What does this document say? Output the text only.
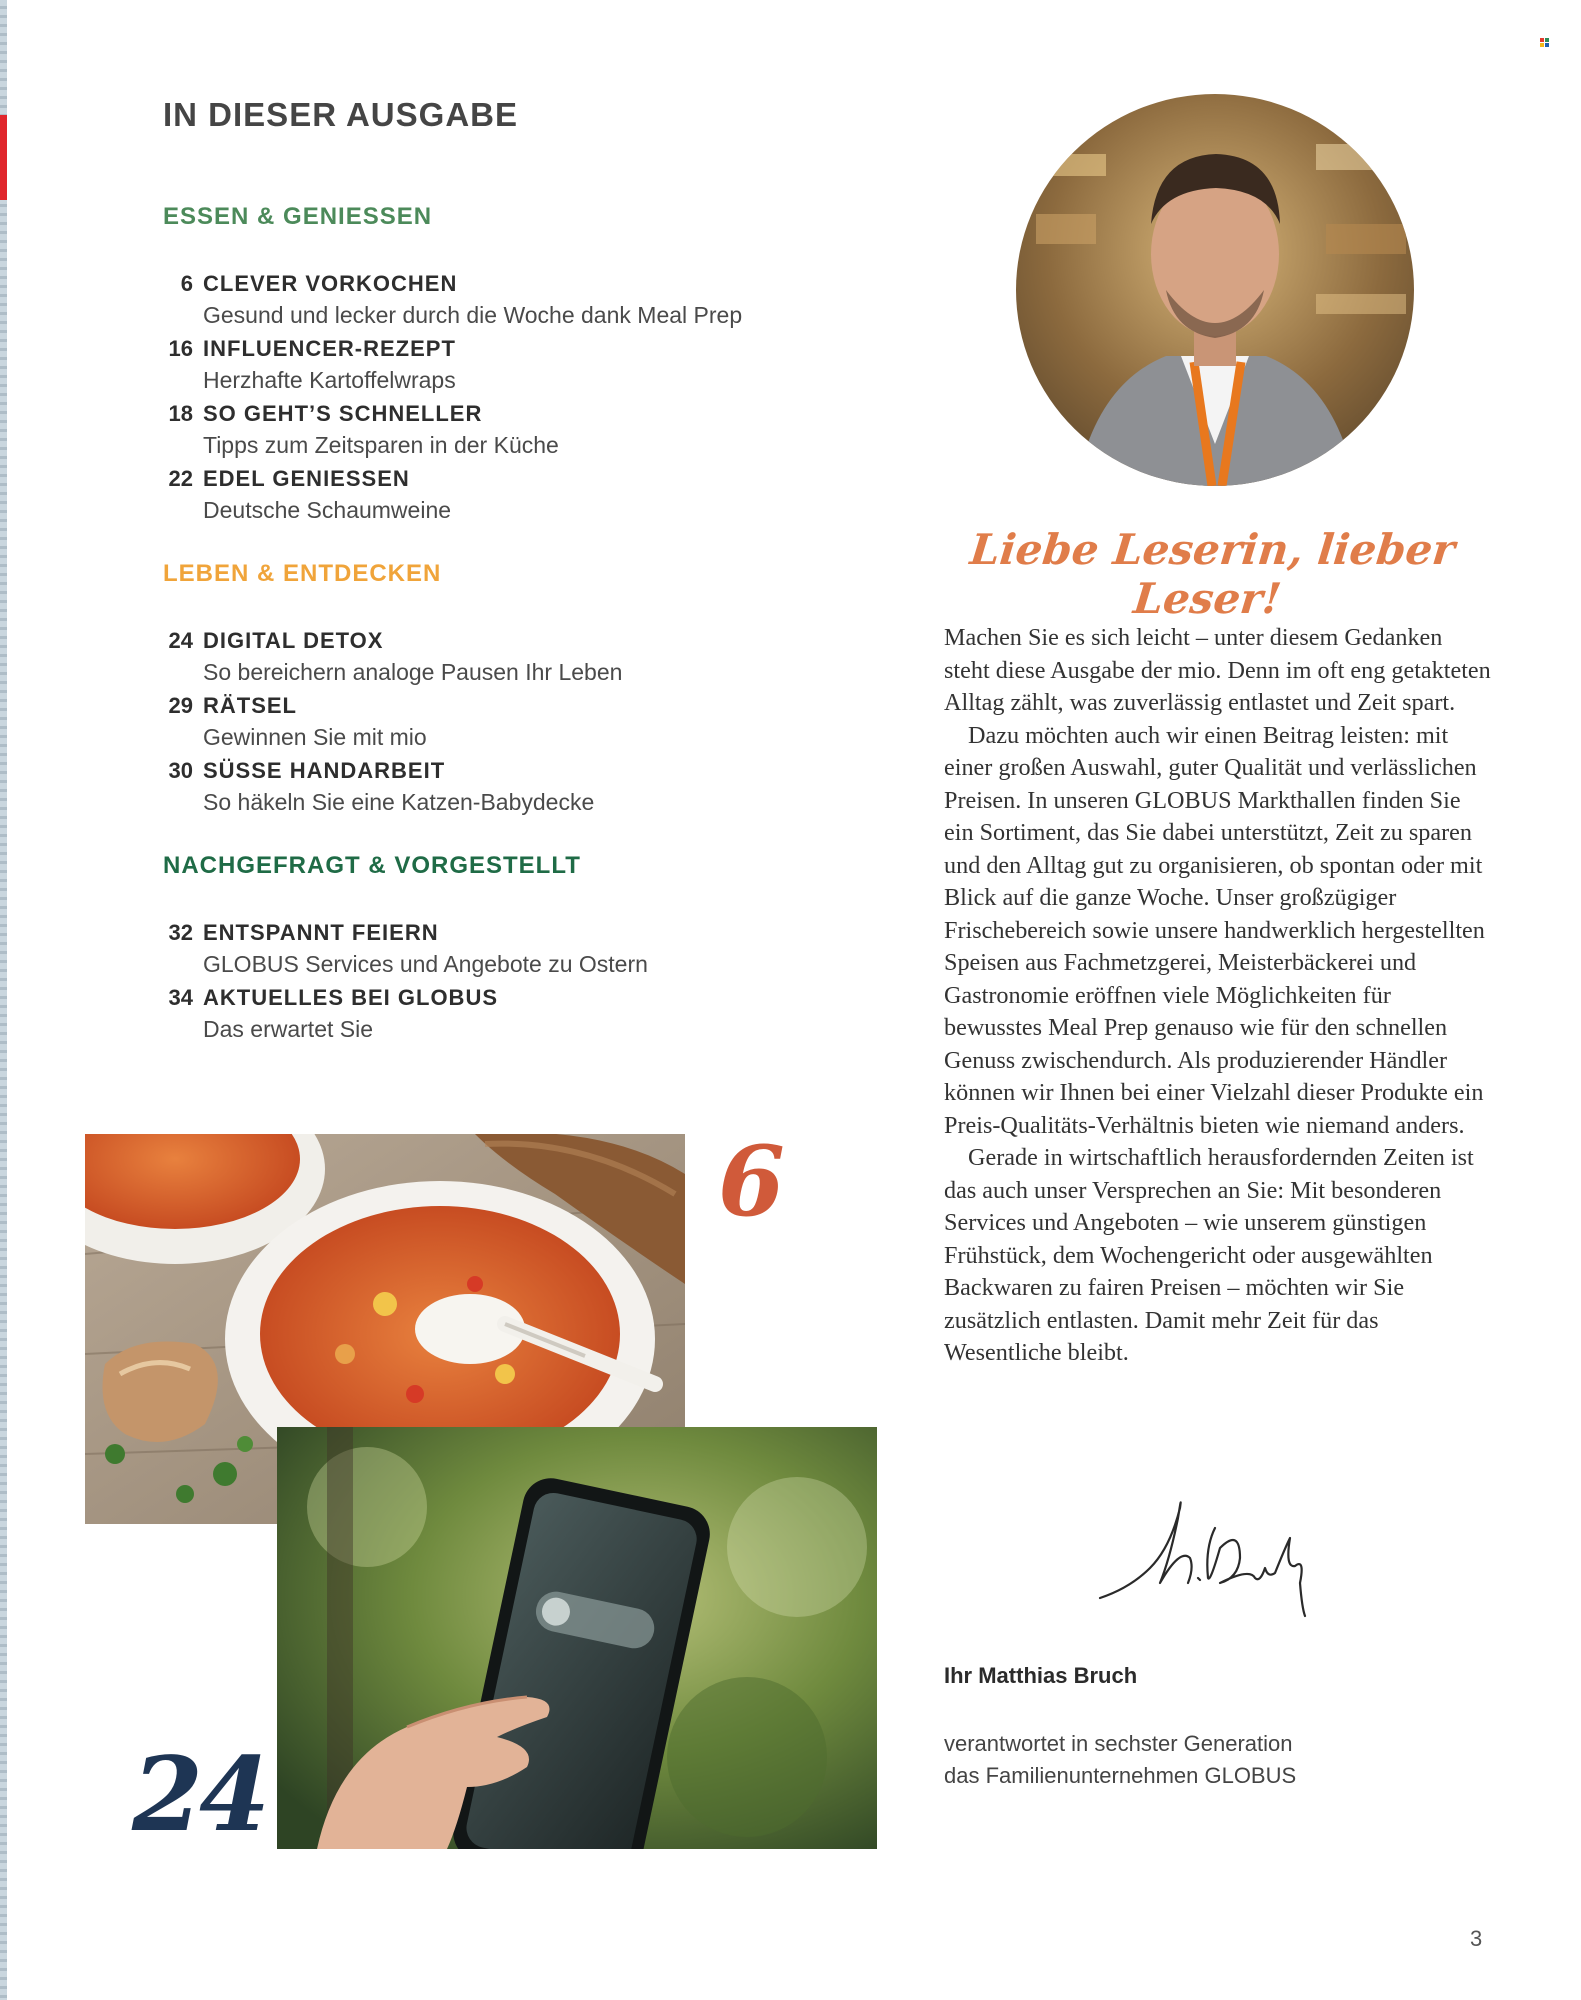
IN DIESER AUSGABE
ESSEN & GENIESSEN
6 CLEVER VORKOCHEN
Gesund und lecker durch die Woche dank Meal Prep
16 INFLUENCER-REZEPT
Herzhafte Kartoffelwraps
18 SO GEHT’S SCHNELLER
Tipps zum Zeitsparen in der Küche
22 EDEL GENIESSEN
Deutsche Schaumweine
LEBEN & ENTDECKEN
24 DIGITAL DETOX
So bereichern analoge Pausen Ihr Leben
29 RÄTSEL
Gewinnen Sie mit mio
30 SÜSSE HANDARBEIT
So häkeln Sie eine Katzen-Babydecke
NACHGEFRAGT & VORGESTELLT
32 ENTSPANNT FEIERN
GLOBUS Services und Angebote zu Ostern
34 AKTUELLES BEI GLOBUS
Das erwartet Sie
Liebe Leserin, lieber Leser!

Machen Sie es sich leicht – unter diesem Gedanken steht diese Ausgabe der mio. Denn im oft eng getakteten Alltag zählt, was zuverlässig entlastet und Zeit spart.

Dazu möchten auch wir einen Beitrag leisten: mit einer großen Auswahl, guter Qualität und verlässlichen Preisen. In unseren GLOBUS Markthallen finden Sie ein Sortiment, das Sie dabei unterstützt, Zeit zu sparen und den Alltag gut zu organisieren, ob spontan oder mit Blick auf die ganze Woche. Unser großzügiger Frischebereich sowie unsere handwerklich hergestellten Speisen aus Fachmetzgerei, Meisterbäckerei und Gastronomie eröffnen viele Möglichkeiten für bewusstes Meal Prep genauso wie für den schnellen Genuss zwischendurch. Als produzierender Händler können wir Ihnen bei einer Vielzahl dieser Produkte ein Preis-Qualitäts-Verhältnis bieten wie niemand anders.

Gerade in wirtschaftlich herausfordernden Zeiten ist das auch unser Versprechen an Sie: Mit besonderen Services und Angeboten – wie unserem günstigen Frühstück, dem Wochengericht oder ausgewählten Backwaren zu fairen Preisen – möchten wir Sie zusätzlich entlasten. Damit mehr Zeit für das Wesentliche bleibt.

Ihr Matthias Bruch

verantwortet in sechster Generation
das Familienunternehmen GLOBUS

6

24

3
